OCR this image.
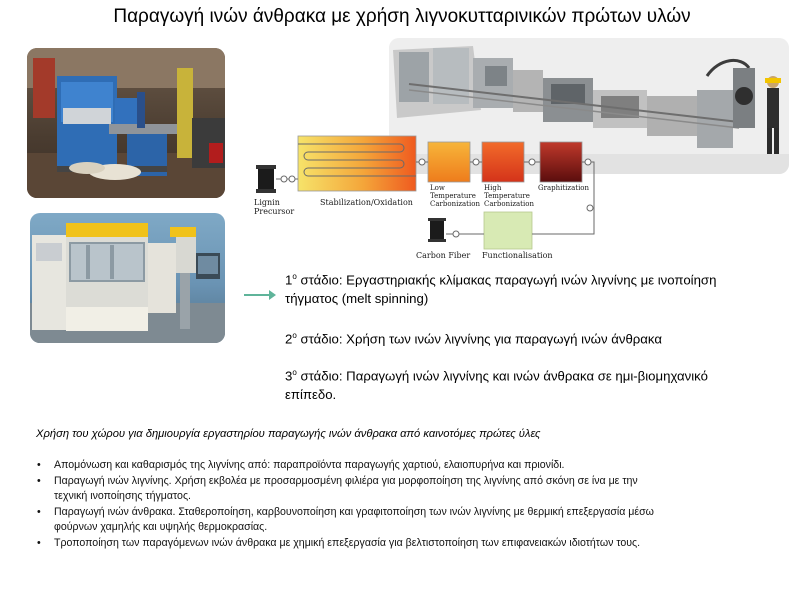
Παραγωγή ινών άνθρακα με χρήση λιγνοκυτταρινικών πρώτων υλών
Lignin
Precursor
Stabilization/Oxidation
Low
Temperature
Carbonization
High
Temperature
Carbonization
Graphitization
Carbon Fiber Functionalisation
$1^o$ στάδιο: Εργαστηριακής κλίμακας παραγωγή ινών λιγνίνης με ινοποίηση
τήγματος (melt spinning)
$2^o$ στάδιο: Χρήση των ινών λιγνίνης για παραγωγή ινών άνθρακα
$3^o$ στάδιο: Παραγωγή ινών λιγνίνης και ινών άνθρακα σε ημι-βιομηχανικό
επίπεδο.
Χρήση του χώρου για δημιουργία εργαστηρίου παραγωγής ινών άνθρακα από καινοτόμες πρώτες ύλες
• Απομόνωση και καθαρισμός της λιγνίνης από: παραπροϊόντα παραγωγής χαρτιού, ελαιοπυρήνα και πριονίδι.
• Παραγωγή ινών λιγνίνης. Χρήση εκβολέα με προσαρμοσμένη φιλιέρα για μορφοποίηση της λιγνίνης από σκόνη σε ίνα με την
τεχνική ινοποίησης τήγματος.
• Παραγωγή ινών άνθρακα. Σταθεροποίηση, καρβουνοποίηση και γραφιτοποίηση των ινών λιγνίνης με θερμική επεξεργασία μέσω
φούρνων χαμηλής και υψηλής θερμοκρασίας.
• Τροποποίηση των παραγόμενων ινών άνθρακα με χημική επεξεργασία για βελτιστοποίηση των επιφανειακών ιδιοτήτων τους.
